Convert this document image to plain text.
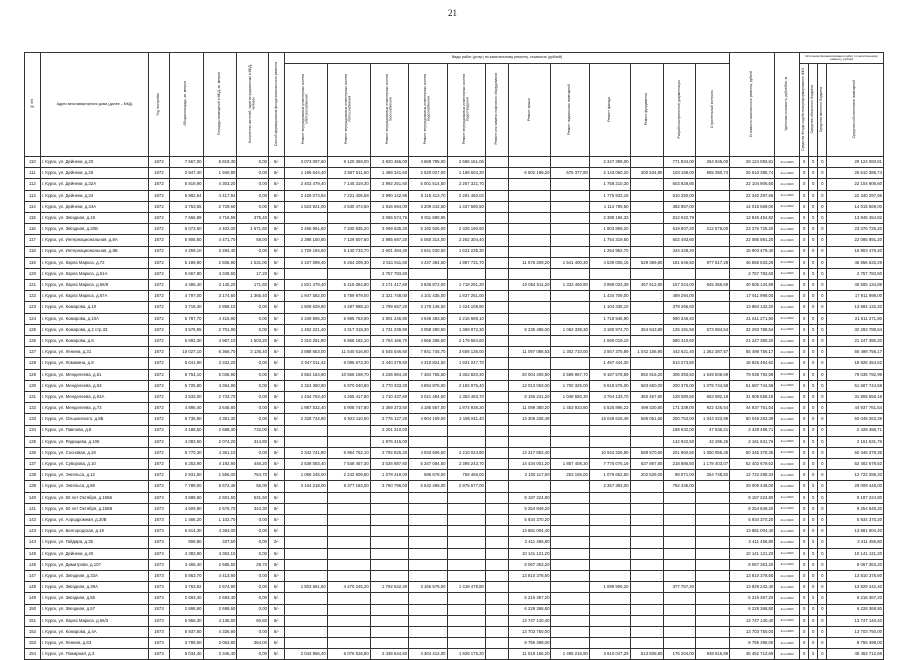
21
№ п/п	Адрес многоквартирного дома (далее – МКД)	Год постройки	Общая площадь, кв. метров	Площадь помещений в МКД, кв. метров	Количество жителей, зарегистрированных в МКД, человек	Способ формирования фонда капитального ремонта	Виды работ (услуг) по капитальному ремонту, стоимость (рублей)												Стоимость капитального ремонта, рублей	Удельная стоимость, рублей/кв. м	Источники финансирования работ по капитальному ремонту, рублей			
							Ремонт внутридомовых инженерных систем электроснабжения	Ремонт внутридомовых инженерных систем теплоснабжения	Ремонт внутридомовых инженерных систем газоснабжения	Ремонт внутридомовых инженерных систем водоснабжения	Ремонт внутридомовых инженерных систем водоотведения	Ремонт или замена лифтового оборудования	Ремонт крыши	Ремонт подвальных помещений	Ремонт фасада	Ремонт фундамента	Разработка проектной документации	Строительный контроль			Средства Фонда содействия реформированию ЖКХ	Средства областного бюджета	Средства местного бюджета	Средства собственников помещений
110	г. Курск, ул. Дейнеки, д.20	1972	7 567,00	5 819,30	0,00	5/-	3 073 097,60	9 120 369,00	3 820 456,00	4 669 785,00	2 686 161,06				2 347 399,00		771 834,00	264 845,00	29 124 083,81	4xx,2020r	0	0	0	29 124 083,81
111	г. Курск, ул. Дейнеки, д.26	1972	2 947,40	1 940,90	0,00	5/-	1 196 644,40	3 557 511,60	1 489 341,60	2 520 027,00	1 188 604,20		6 802 199,20	675 377,80	2 143 060,20	300 634,80	103 159,00	555 390,74	26 610 385,74	4xx,2020r	0	0	0	26 610 385,74
112	г. Курск, ул. Дейнеки, д.32А	1972	5 819,90	4 303,20	0,00	5/-	2 403 479,40	7 145 319,30	2 992 251,60	5 001 514,50	2 267 321,70				1 758 210,30		603 828,80		22 104 906,60	4xx,2020r	0	0	0	22 104 906,60
113	г. Курск, ул. Дейнеки, д.34	1972	5 982,64	4 417,94	0,00	5/-	2 429 073,84	7 221 405,58	2 990 142,95	5 115 413,70	2 291 460,02				1 775 933,16		610 250,00		22 340 297,66	4xx,2020r	0	0	0	22 340 297,66
114	г. Курск, ул. Дейнеки, д.34А	1972	3 753,55	2 729,60	0,00	5/-	1 523 921,00	4 530 474,50	1 916 694,00	3 209 242,50	1 437 590,50				1 114 789,50		382 857,00		14 015 569,00	4xx,2020r	0	0	0	14 015 569,00
115	г. Курск, ул. Звездная, д.19	1972	7 666,89	4 716,59	375,40	5/-			3 066 574,76	6 811 690,95					2 388 156,33		812 622,78		13 845 454,82	4xx,2020r	0	0	0	13 846 454,82
116	г. Курск, ул. Звездная, д.20Б	1972	6 073,60	4 402,00	1 671,60	5/-	2 465 961,60	7 330 835,20	3 069 635,20	5 192 926,00	2 326 190,60				1 803 859,20		619 507,20	212 576,00	23 376 725,20	4xx,2020r	0	0	0	23 376 725,20
117	г. Курск, ул. Интернациональная, д.8А	1972	5 906,80	4 471,70	58,00	5/-	2 398 160,80	7 129 507,60	2 985 697,20	5 050 314,00	2 262 304,40				1 754 319,60		602 493,60		22 085 891,20	4xx,2020r	0	0	0	22 085 891,20
118	г. Курск, ул. Интернациональная, д.8Б	1972	4 259,10	3 284,40	0,00	5/-	1 729 194,60	5 140 733,70	2 601 484,40	3 641 530,50	1 631 235,30				1 264 952,70		434 428,20		15 903 479,40	4xx,2020r	0	0	0	15 903 479,40
119	г. Курск, ул. Карла Маркса, д.72	1972	5 189,90	2 836,80	1 531,00	5/-	2 107 099,40	6 264 209,30	2 511 911,60	4 437 364,50	1 987 731,70		11 575 209,20	1 541 400,30	4 539 005,16	529 369,80	181 646,50	977 617,28	46 856 633,29	4xx,2020r	0	0	0	46 856 633,29
120	г. Курск, ул. Карла Маркса, д.61А	1972	5 667,80	4 349,50	17,20	5/-			2 757 783,60										2 757 783,60	4xx,2020r	0	0	0	2 757 783,60
121	г. Курск, ул. Карла Маркса, д.66/8	1972	4 486,40	3 145,20	171,60	5/-	1 821 478,40	5 415 084,80	2 171 417,60	3 835 872,00	1 718 291,20		10 054 611,20	1 332 460,80	3 899 023,39	457 612,80	157 024,00	845 356,69	40 505 134,89	4xx,2020r	0	0	0	40 505 134,89
122	г. Курск, ул. Карла Маркса, д.67А	1972	4 797,00	3 174,60	1 365,40	5/-	1 947 582,00	5 789 979,00	2 321 748,00	4 101 435,00	1 837 251,00				1 434 709,00		489 294,00		17 911 998,00	4xx,2020r	0	0	0	17 911 998,00
123	г. Курск, ул. Комарова, д.10	1972	3 718,30	2 858,10	0,00	5/-	1 509 629,80	4 487 988,10	1 799 657,20	3 179 146,50	1 424 108,90				1 104 335,10		379 266,60		13 884 132,20	4xx,2020r	0	0	0	13 884 132,20
124	г. Курск, ул. Комарова, д.10А	1972	5 787,70	4 415,80	0,00	5/-	2 349 806,20	6 985 753,90	2 801 246,80	4 948 483,50	2 216 689,10				1 718 946,90		590 345,40		21 611 271,80	4xx,2020r	0	0	0	21 611 271,80
125	г. Курск, ул. Комарова, д.2 стр.33	1972	3 576,95	2 701,90	0,00	5/-	1 452 221,40	4 317 318,30	1 731 239,90	3 058 290,50	1 369 972,30		8 235 485,00	1 062 339,30	3 180 974,70	364 843,80	125 191,56	673 984,54	32 293 788,54	4xx,2020r	0	0	0	32 293 788,54
126	г. Курск, ул. Комарова, д.6	1972	5 692,30	4 967,10	1 503,20	5/-	2 310 261,80	6 868 182,10	2 754 166,70	4 865 286,50	2 179 584,60				1 690 019,10		580 410,60		21 247 380,20	4xx,2020r	0	0	0	21 247 380,20
127	г. Курск, ул. Ленина, д.31	1972	10 027,10	6 366,70	3 136,40	5/-	3 888 653,00	11 540 616,60	5 545 546,60	7 841 745,70	3 608 136,00		11 097 086,53	1 302 710,00	3 567 375,89	1 042 156,90	442 621,40	1 362 387,57	55 498 756,17	4xx,2020r	0	0	0	55 498 756,17
128	г. Курск, ул. Ломакина, д.9	1972	5 041,90	3 332,20	0,00	5/-	2 047 011,42	6 085 573,30	2 440 279,60	4 310 824,50	1 931 047,70				1 497 444,30		514 273,80		18 826 454,62	4xx,2020r	0	0	0	18 826 454,62
129	г. Курск, ул. Менделеева, д.61	1972	8 754,10	5 036,90	0,00	5/-	3 554 164,60	10 566 198,70	4 236 984,40	7 484 755,50	3 352 820,30		20 004 400,80	2 589 967,70	9 187 578,89	892 918,20	306 393,50	1 649 508,69	79 035 792,99	4xx,2020r	0	0	0	79 035 792,99
130	г. Курск, ул. Менделеева, д.63	1972	5 725,80	4 364,90	0,00	5/-	2 324 350,80	6 970 040,80	2 770 333,20	4 894 875,00	2 192 975,40		13 013 063,00	1 700 325,00	5 618 576,00	583 650,00	200 375,00	1 079 744,58	51 687 744,58	4xx,2020r	0	0	0	51 687 744,58
131	г. Курск, ул. Менделеева, д.63А	1972	3 533,00	2 733,70	0,00	5/-	1 434 763,40	4 265 417,80	1 710 437,60	3 021 484,50	1 353 483,70		8 156 241,20	1 048 550,30	3 764 133,70	360 457,80	128 080,50	663 882,18	31 905 558,18	4xx,2020r	0	0	0	31 905 558,18
132	г. Курск, ул. Менделеева, д.73	1972	4 895,40	3 645,80	0,00	5/-	1 987 532,40	5 908 747,80	2 369 373,60	4 185 567,00	1 874 938,20		11 099 380,20	1 453 933,80	5 525 896,23	499 330,80	171 339,00	922 425,54	44 937 761,54	4xx,2020r	0	0	0	44 937 761,54
133	г. Курск, ул. Ольшанского, д.8Б	1972	5 735,80	4 381,30	0,00	5/-	2 328 734,80	6 923 110,60	2 776 127,20	4 904 109,00	2 196 811,40		13 306 226,49		15 048 615,49	585 051,60	200 753,00	1 044 323,89	50 045 263,39	4xx,2020r	0	0	0	50 045 263,39
134	г. Курск, ул. Павлова, д.8	1972	4 188,50	2 688,30	732,00	5/-			2 201 310,00								189 632,00	47 536,21	2 428 486,71	4xx,2020r	0	0	0	2 428 486,71
135	г. Курск, ул. Радищева, д.106	1972	4 083,50	2 074,20	314,80	5/-			1 976 416,00								142 922,50	42 295,26	2 161 631,76	4xx,2020r	0	0	0	2 161 631,76
136	г. Курск, ул. Сосновая, д.19	1972	5 770,30	4 361,10	0,00	5/-	2 342 741,80	6 964 752,10	2 792 825,20	4 933 606,50	2 210 024,90		13 317 852,40		10 943 326,90	588 570,60	201 960,50	1 050 955,45	50 346 378,35	4xx,2020r	0	0	0	50 346 378,35
137	г. Курск, ул. Суворова, д.10	1972	6 253,90	4 192,90	446,20	5/-	2 539 083,40	7 548 457,30	3 026 887,60	5 347 084,50	2 395 243,70		14 434 001,20	1 857 408,30	7 775 075,19	637 897,80	218 886,50	1 178 403,07	52 402 679,62	4xx,2020r	0	0	0	52 402 679,62
138	г. Курск, ул. Энгельса, д.12	1972	2 931,50	1 556,00	764,70	5/-	1 068 245,00	2 242 909,80	1 078 419,00	596 678,00	758 456,00		2 100 117,50	253 155,00	1 079 652,50	202 528,00	88 071,00	264 748,82	12 722 288,33	4xx,2020r	0	0	0	12 722 288,33
139	г. Курск, ул. Энгельса, д.88	1972	7 789,00	5 672,46	66,00	5/-	3 154 218,00	9 377 183,00	3 760 796,00	6 642 495,00	2 975 577,00				2 357 393,00		792 436,00		29 009 448,00	4xx,2020r	0	0	0	29 009 448,00
140	г. Курск, ул. 50 лет Октября, д.155Б	1973	3 689,60	2 601,50	531,60	5/-							9 187 224,80						9 187 224,80	4xx,2020r	0	0	0	9 187 224,80
141	г. Курск, ул. 50 лет Октября, д.155В	1973	4 609,80	2 676,70	343,30	5/-							9 254 849,20						9 254 849,20	4xx,2020r	0	0	0	9 254 849,20
142	г. Курск, ул. Аэродромная, д.20В	1973	1 466,20	1 102,70	0,00	5/-							5 934 370,20						5 934 370,20	4xx,2020r	0	0	0	5 934 370,20
143	г. Курск, ул. Белгородская, д.19	1973	6 614,30	4 384,00	0,00	5/-							13 881 004,40						13 881 004,40	4xx,2020r	0	0	0	13 881 004,40
144	г. Курск, ул. Гайдара, д.35	1973	908,80	337,50	0,00	2/-							2 411 456,80						2 411 456,80	4xx,2020r	0	0	0	2 411 456,80
145	г. Курск, ул. Дейнеки, д.40	1973	4 383,80	4 363,10	0,00	5/-							10 141 121,20						10 141 121,20	4xx,2020r	0	0	0	10 141 121,20
146	г. Курск, ул. Димитрова, д.107	1973	3 465,40	2 685,50	29,70	5/-							8 067 363,20						8 067 363,20	4xx,2020r	0	0	0	8 067 363,20
147	г. Курск, ул. Звездная, д.33А	1973	5 863,70	4 413,90	0,00	5/-							13 810 378,60						13 810 378,60	4xx,2020r	0	0	0	13 810 378,60
148	г. Курск, ул. Звездная, д.39А	1973	3 763,92	2 674,90	0,00	5/-	1 503 661,60	4 470 245,20	1 792 542,40	3 166 578,00	1 418 478,80				1 099 909,20		377 767,20		13 829 242,40	4xx,2020r	0	0	0	13 829 242,40
149	г. Курск, ул. Звездная, д.55	1973	2 693,40	2 693,40	0,00	5/-							6 216 367,20						6 216 367,20	4xx,2020r	0	0	0	6 216 367,20
150	г. Курск, ул. Звездная, д.57	1973	2 698,60	2 698,60	0,00	5/-							6 228 368,80						6 228 368,80	4xx,2020r	0	0	0	6 228 368,80
151	г. Курск, ул. Карла Маркса, д.66/3	1973	5 956,30	4 135,60	60,60	5/-							13 747 140,40						13 747 140,40	4xx,2020r	0	0	0	13 747 140,40
152	г. Курск, ул. Комарова, д.4А	1973	5 937,50	4 336,90	0,00	5/-							13 703 750,00						13 703 750,00	4xx,2020r	0	0	0	13 703 750,00
153	г. Курск, ул. Ленина, д.63	1973	3 789,50	2 053,80	364,00	5/-							8 755 398,00						8 755 398,00	4xx,2020r	0	0	0	8 755 398,00
154	г. Курск, ул. Пожарная, д.3	1973	5 034,40	3 346,40	0,00	5/-	2 043 966,40	6 076 526,80	2 436 644,60	4 304 412,00	1 928 175,20		11 519 156,20	1 495 216,80	3 910 047,29	513 508,80	176 204,00	948 616,89	45 452 712,69	4xx,2020r	0	0	0	45 452 712,69
